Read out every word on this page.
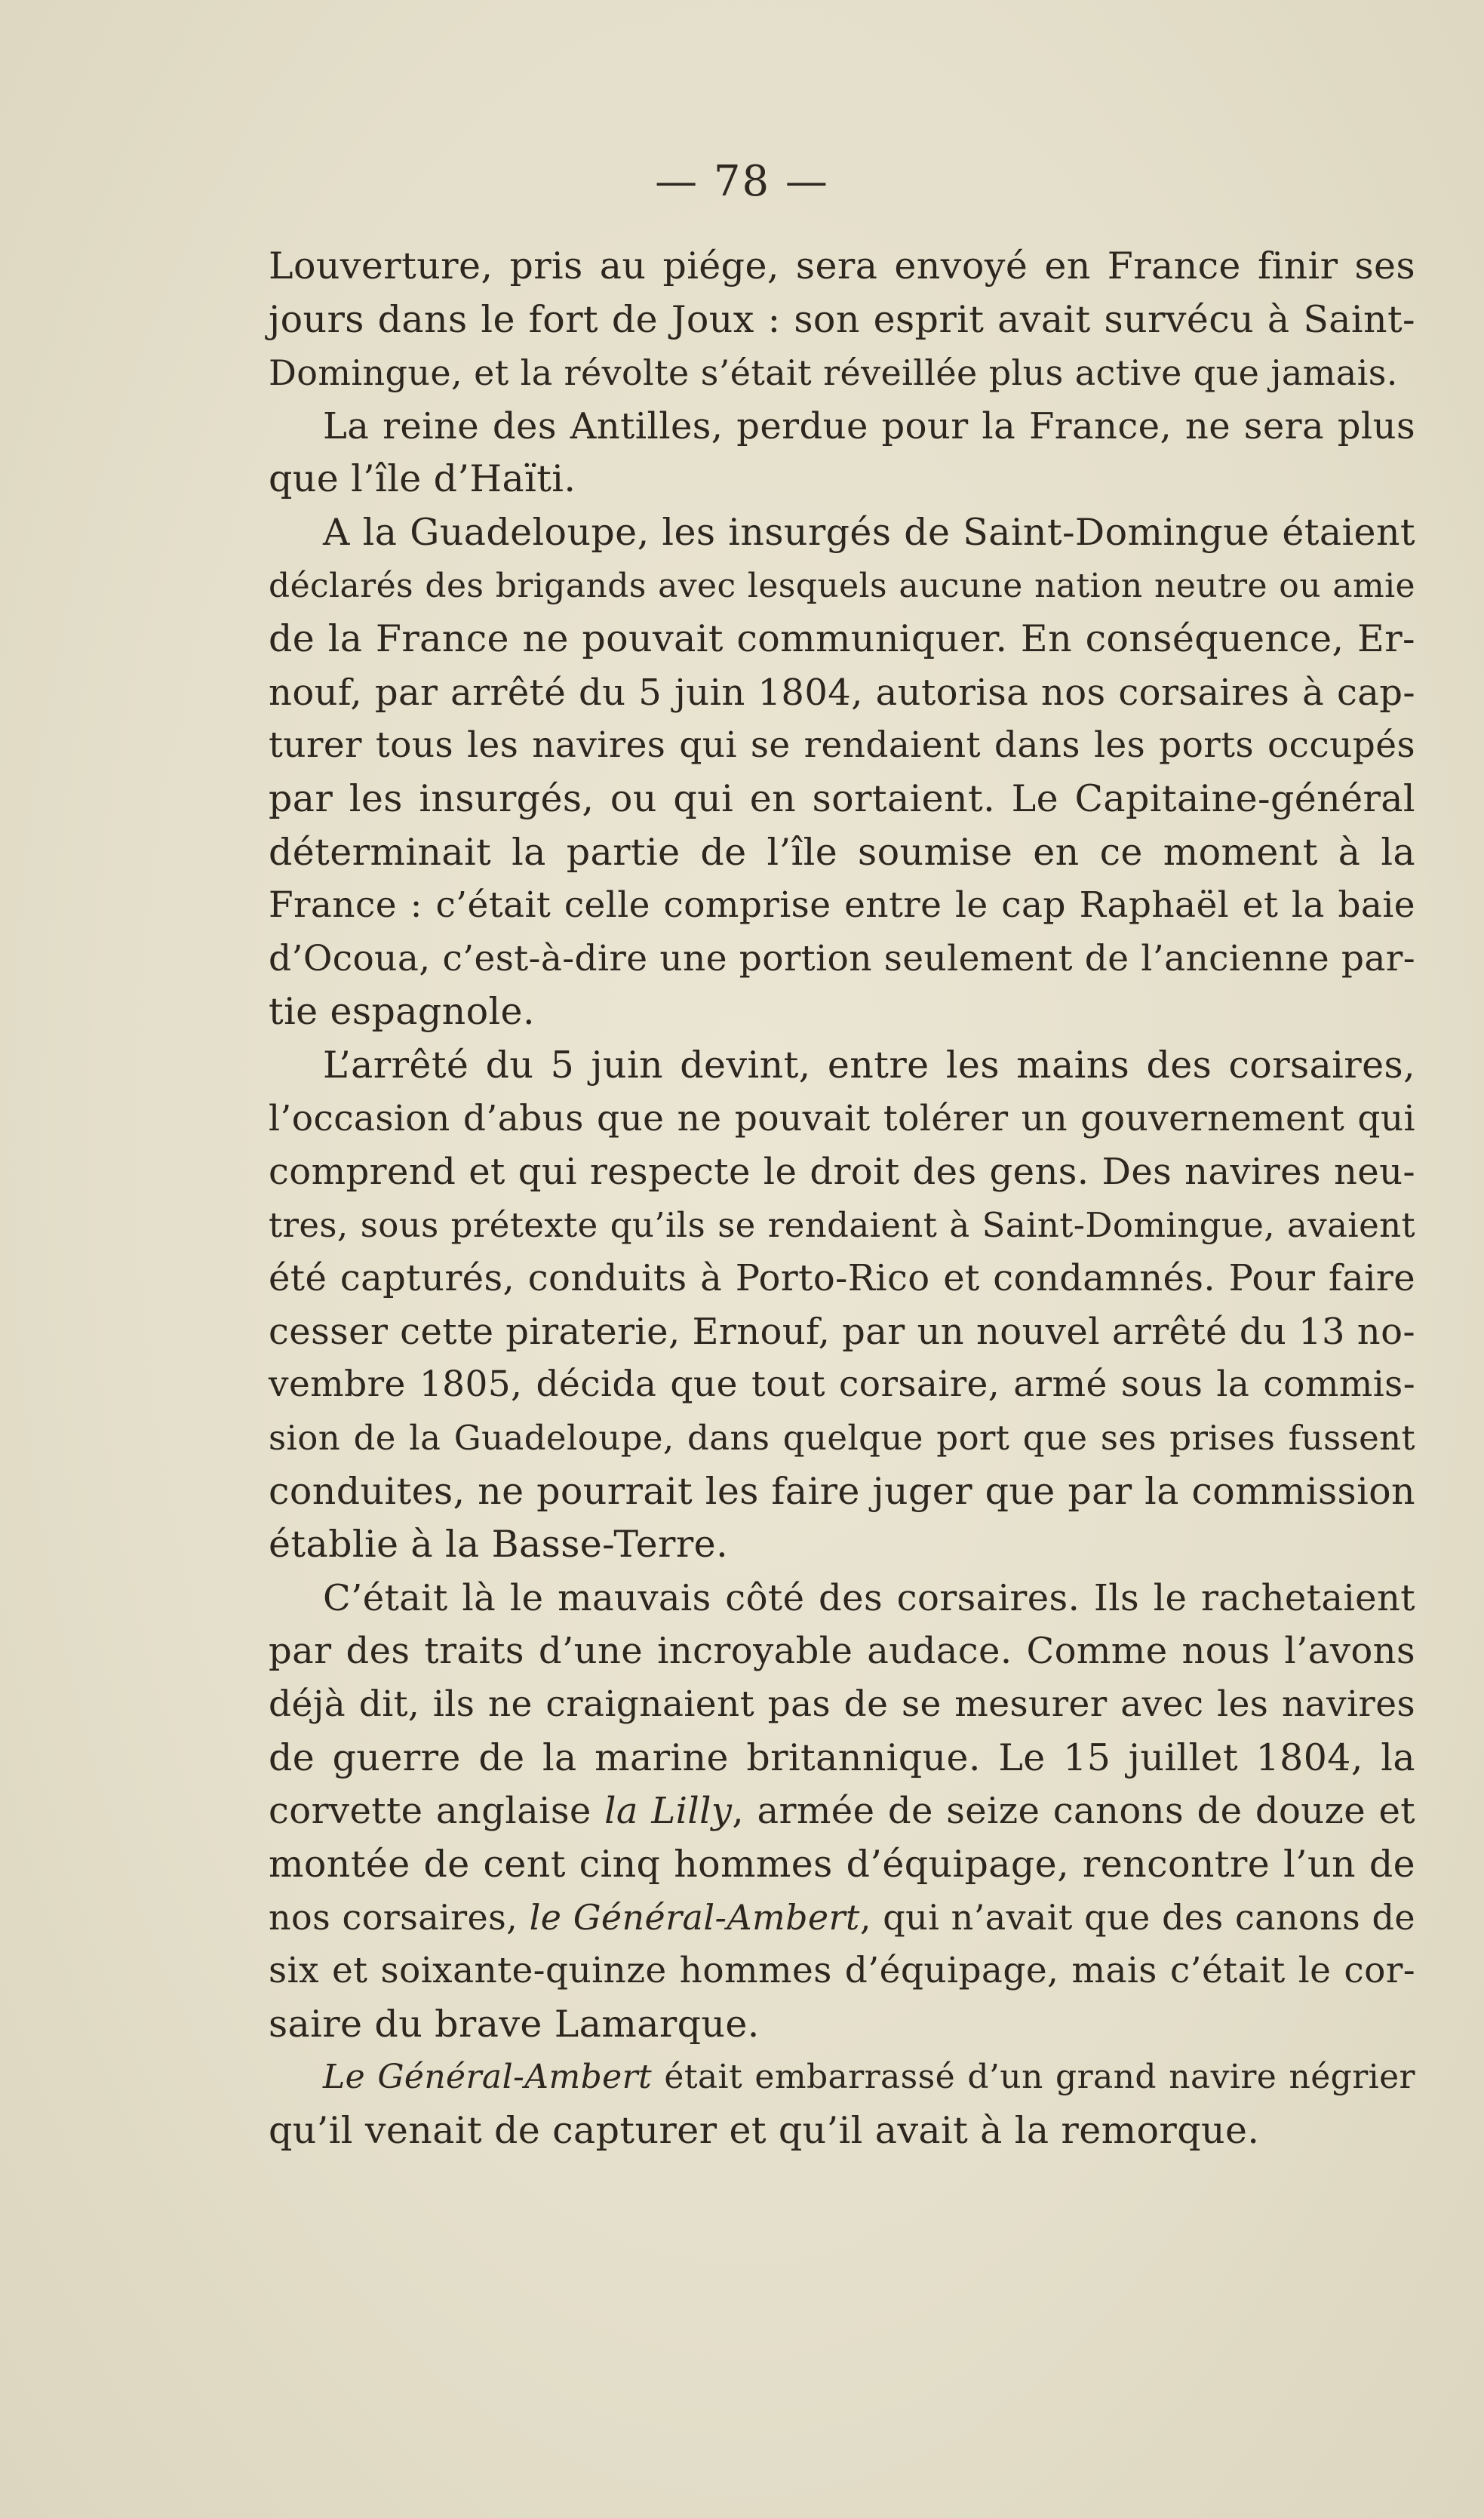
— 78 —
Louverture, pris au piége, sera envoyé en France finir ses
jours dans le fort de Joux : son esprit avait survécu à Saint-
Domingue, et la révolte s’était réveillée plus active que jamais.
La reine des Antilles, perdue pour la France, ne sera plus
que l’île d’Haïti.
A la Guadeloupe, les insurgés de Saint-Domingue étaient
déclarés des brigands avec lesquels aucune nation neutre ou amie
de la France ne pouvait communiquer. En conséquence, Er-
nouf, par arrêté du 5 juin 1804, autorisa nos corsaires à cap-
turer tous les navires qui se rendaient dans les ports occupés
par les insurgés, ou qui en sortaient. Le Capitaine-général
déterminait la partie de l’île soumise en ce moment à la
France : c’était celle comprise entre le cap Raphaël et la baie
d’Ocoua, c’est-à-dire une portion seulement de l’ancienne par-
tie espagnole.
L’arrêté du 5 juin devint, entre les mains des corsaires,
l’occasion d’abus que ne pouvait tolérer un gouvernement qui
comprend et qui respecte le droit des gens. Des navires neu-
tres, sous prétexte qu’ils se rendaient à Saint-Domingue, avaient
été capturés, conduits à Porto-Rico et condamnés. Pour faire
cesser cette piraterie, Ernouf, par un nouvel arrêté du 13 no-
vembre 1805, décida que tout corsaire, armé sous la commis-
sion de la Guadeloupe, dans quelque port que ses prises fussent
conduites, ne pourrait les faire juger que par la commission
établie à la Basse-Terre.
C’était là le mauvais côté des corsaires. Ils le rachetaient
par des traits d’une incroyable audace. Comme nous l’avons
déjà dit, ils ne craignaient pas de se mesurer avec les navires
de guerre de la marine britannique. Le 15 juillet 1804, la
corvette anglaise la Lilly, armée de seize canons de douze et
montée de cent cinq hommes d’équipage, rencontre l’un de
nos corsaires, le Général-Ambert, qui n’avait que des canons de
six et soixante-quinze hommes d’équipage, mais c’était le cor-
saire du brave Lamarque.
Le Général-Ambert était embarrassé d’un grand navire négrier
qu’il venait de capturer et qu’il avait à la remorque.
